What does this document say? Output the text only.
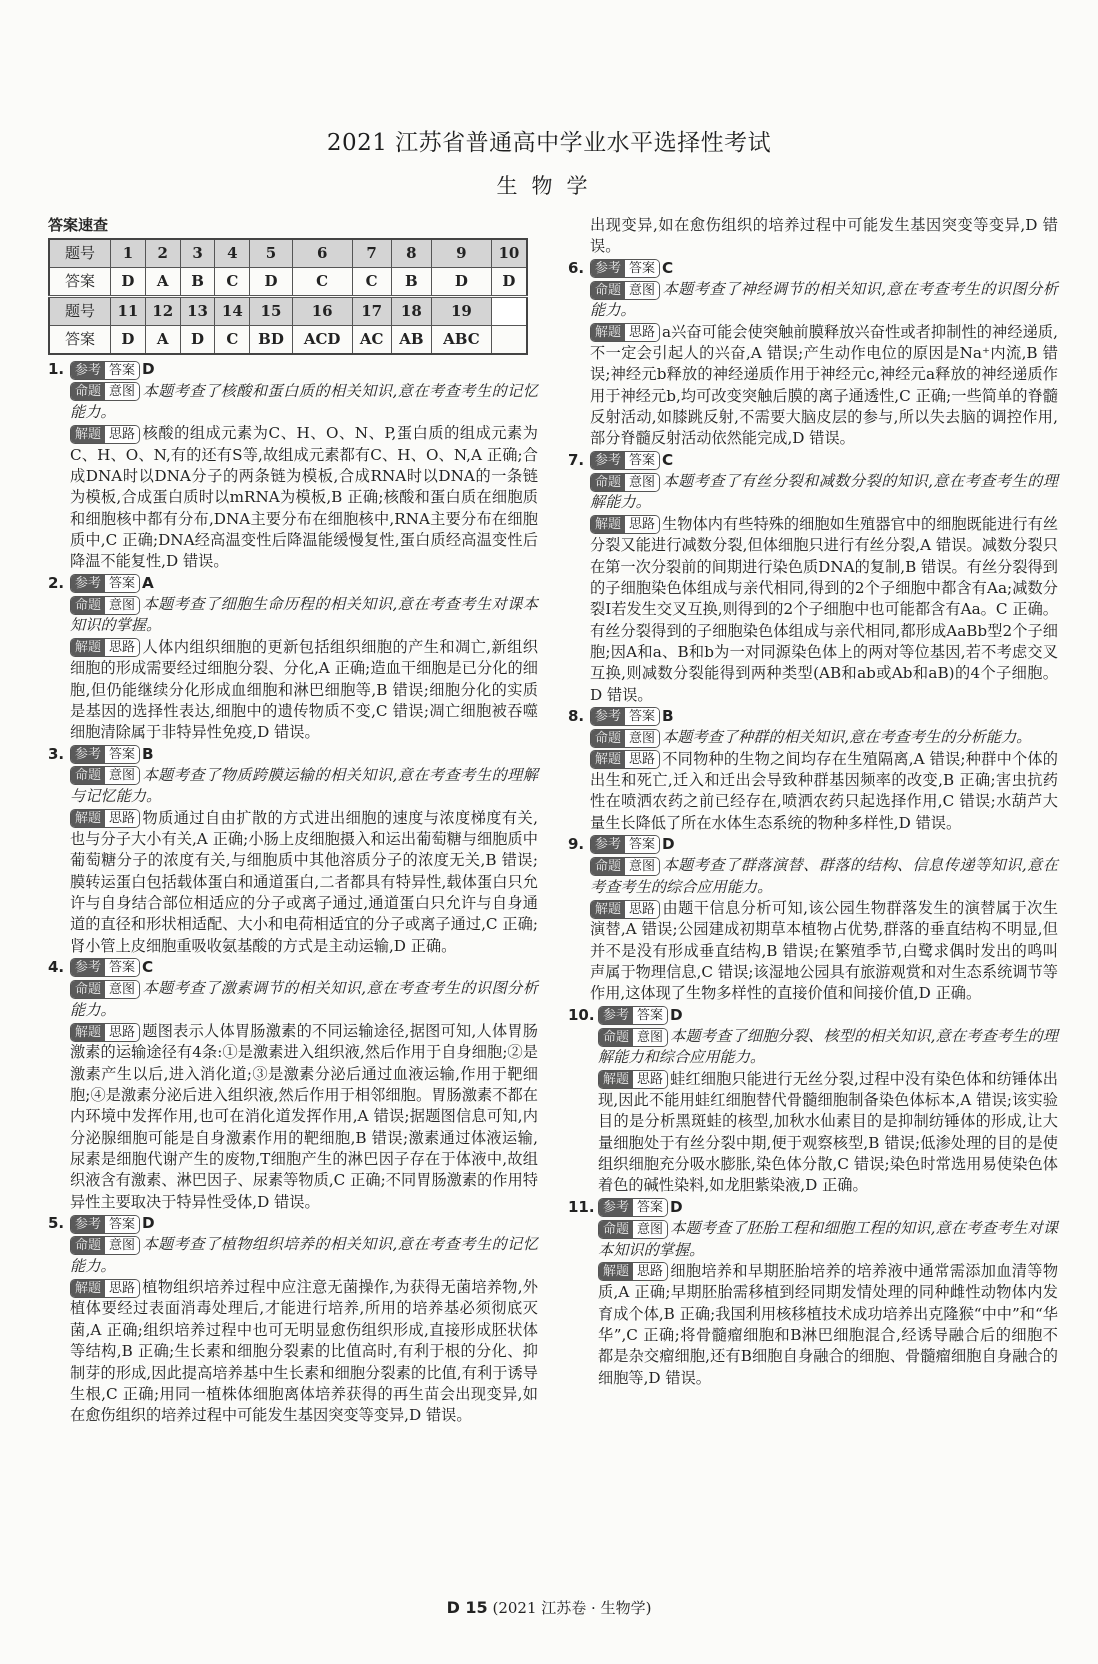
2021 江苏省普通高中学业水平选择性考试
生物学
答案速查
题号	1	2	3	4	5	6	7	8	9	10
答案	D	A	B	C	D	C	C	B	D	D
题号	11	12	13	14	15	16	17	18	19	
答案	D	A	D	C	BD	ACD	AC	AB	ABC	
1. 参考 答案 D
命题 意图 本题考查了核酸和蛋白质的相关知识,意在考查考生的记忆能力。
解题 思路 核酸的组成元素为C、H、O、N、P,蛋白质的组成元素为C、H、O、N,有的还有S等,故组成元素都有C、H、O、N,A 正确;合成DNA时以DNA分子的两条链为模板,合成RNA时以DNA的一条链为模板,合成蛋白质时以mRNA为模板,B 正确;核酸和蛋白质在细胞质和细胞核中都有分布,DNA主要分布在细胞核中,RNA主要分布在细胞质中,C 正确;DNA经高温变性后降温能缓慢复性,蛋白质经高温变性后降温不能复性,D 错误。
2. 参考 答案 A
命题 意图 本题考查了细胞生命历程的相关知识,意在考查考生对课本知识的掌握。
解题 思路 人体内组织细胞的更新包括组织细胞的产生和凋亡,新组织细胞的形成需要经过细胞分裂、分化,A 正确;造血干细胞是已分化的细胞,但仍能继续分化形成血细胞和淋巴细胞等,B 错误;细胞分化的实质是基因的选择性表达,细胞中的遗传物质不变,C 错误;凋亡细胞被吞噬细胞清除属于非特异性免疫,D 错误。
3. 参考 答案 B
命题 意图 本题考查了物质跨膜运输的相关知识,意在考查考生的理解与记忆能力。
解题 思路 物质通过自由扩散的方式进出细胞的速度与浓度梯度有关,也与分子大小有关,A 正确;小肠上皮细胞摄入和运出葡萄糖与细胞质中葡萄糖分子的浓度有关,与细胞质中其他溶质分子的浓度无关,B 错误;膜转运蛋白包括载体蛋白和通道蛋白,二者都具有特异性,载体蛋白只允许与自身结合部位相适应的分子或离子通过,通道蛋白只允许与自身通道的直径和形状相适配、大小和电荷相适宜的分子或离子通过,C 正确;肾小管上皮细胞重吸收氨基酸的方式是主动运输,D 正确。
4. 参考 答案 C
命题 意图 本题考查了激素调节的相关知识,意在考查考生的识图分析能力。
解题 思路 题图表示人体胃肠激素的不同运输途径,据图可知,人体胃肠激素的运输途径有4条:①是激素进入组织液,然后作用于自身细胞;②是激素产生以后,进入消化道;③是激素分泌后通过血液运输,作用于靶细胞;④是激素分泌后进入组织液,然后作用于相邻细胞。胃肠激素不都在内环境中发挥作用,也可在消化道发挥作用,A 错误;据题图信息可知,内分泌腺细胞可能是自身激素作用的靶细胞,B 错误;激素通过体液运输,尿素是细胞代谢产生的废物,T细胞产生的淋巴因子存在于体液中,故组织液含有激素、淋巴因子、尿素等物质,C 正确;不同胃肠激素的作用特异性主要取决于特异性受体,D 错误。
5. 参考 答案 D
命题 意图 本题考查了植物组织培养的相关知识,意在考查考生的记忆能力。
解题 思路 植物组织培养过程中应注意无菌操作,为获得无菌培养物,外植体要经过表面消毒处理后,才能进行培养,所用的培养基必须彻底灭菌,A 正确;组织培养过程中也可无明显愈伤组织形成,直接形成胚状体等结构,B 正确;生长素和细胞分裂素的比值高时,有利于根的分化、抑制芽的形成,因此提高培养基中生长素和细胞分裂素的比值,有利于诱导生根,C 正确;用同一植株体细胞离体培养获得的再生苗会出现变异,如在愈伤组织的培养过程中可能发生基因突变等变异,D 错误。
出现变异,如在愈伤组织的培养过程中可能发生基因突变等变异,D 错误。
6. 参考 答案 C
命题 意图 本题考查了神经调节的相关知识,意在考查考生的识图分析能力。
解题 思路 a兴奋可能会使突触前膜释放兴奋性或者抑制性的神经递质,不一定会引起人的兴奋,A 错误;产生动作电位的原因是Na⁺内流,B 错误;神经元b释放的神经递质作用于神经元c,神经元a释放的神经递质作用于神经元b,均可改变突触后膜的离子通透性,C 正确;一些简单的脊髓反射活动,如膝跳反射,不需要大脑皮层的参与,所以失去脑的调控作用,部分脊髓反射活动依然能完成,D 错误。
7. 参考 答案 C
命题 意图 本题考查了有丝分裂和减数分裂的知识,意在考查考生的理解能力。
解题 思路 生物体内有些特殊的细胞如生殖器官中的细胞既能进行有丝分裂又能进行减数分裂,但体细胞只进行有丝分裂,A 错误。减数分裂只在第一次分裂前的间期进行染色质DNA的复制,B 错误。有丝分裂得到的子细胞染色体组成与亲代相同,得到的2个子细胞中都含有Aa;减数分裂Ⅰ若发生交叉互换,则得到的2个子细胞中也可能都含有Aa。C 正确。有丝分裂得到的子细胞染色体组成与亲代相同,都形成AaBb型2个子细胞;因A和a、B和b为一对同源染色体上的两对等位基因,若不考虑交叉互换,则减数分裂能得到两种类型(AB和ab或Ab和aB)的4个子细胞。D 错误。
8. 参考 答案 B
命题 意图 本题考查了种群的相关知识,意在考查考生的分析能力。
解题 思路 不同物种的生物之间均存在生殖隔离,A 错误;种群中个体的出生和死亡,迁入和迁出会导致种群基因频率的改变,B 正确;害虫抗药性在喷洒农药之前已经存在,喷洒农药只起选择作用,C 错误;水葫芦大量生长降低了所在水体生态系统的物种多样性,D 错误。
9. 参考 答案 D
命题 意图 本题考查了群落演替、群落的结构、信息传递等知识,意在考查考生的综合应用能力。
解题 思路 由题干信息分析可知,该公园生物群落发生的演替属于次生演替,A 错误;公园建成初期草本植物占优势,群落的垂直结构不明显,但并不是没有形成垂直结构,B 错误;在繁殖季节,白鹭求偶时发出的鸣叫声属于物理信息,C 错误;该湿地公园具有旅游观赏和对生态系统调节等作用,这体现了生物多样性的直接价值和间接价值,D 正确。
10. 参考 答案 D
命题 意图 本题考查了细胞分裂、核型的相关知识,意在考查考生的理解能力和综合应用能力。
解题 思路 蛙红细胞只能进行无丝分裂,过程中没有染色体和纺锤体出现,因此不能用蛙红细胞替代骨髓细胞制备染色体标本,A 错误;该实验目的是分析黑斑蛙的核型,加秋水仙素目的是抑制纺锤体的形成,让大量细胞处于有丝分裂中期,便于观察核型,B 错误;低渗处理的目的是使组织细胞充分吸水膨胀,染色体分散,C 错误;染色时常选用易使染色体着色的碱性染料,如龙胆紫染液,D 正确。
11. 参考 答案 D
命题 意图 本题考查了胚胎工程和细胞工程的知识,意在考查考生对课本知识的掌握。
解题 思路 细胞培养和早期胚胎培养的培养液中通常需添加血清等物质,A 正确;早期胚胎需移植到经同期发情处理的同种雌性动物体内发育成个体,B 正确;我国利用核移植技术成功培养出克隆猴“中中”和“华华”,C 正确;将骨髓瘤细胞和B淋巴细胞混合,经诱导融合后的细胞不都是杂交瘤细胞,还有B细胞自身融合的细胞、骨髓瘤细胞自身融合的细胞等,D 错误。
D 15 (2021 江苏卷 · 生物学)
